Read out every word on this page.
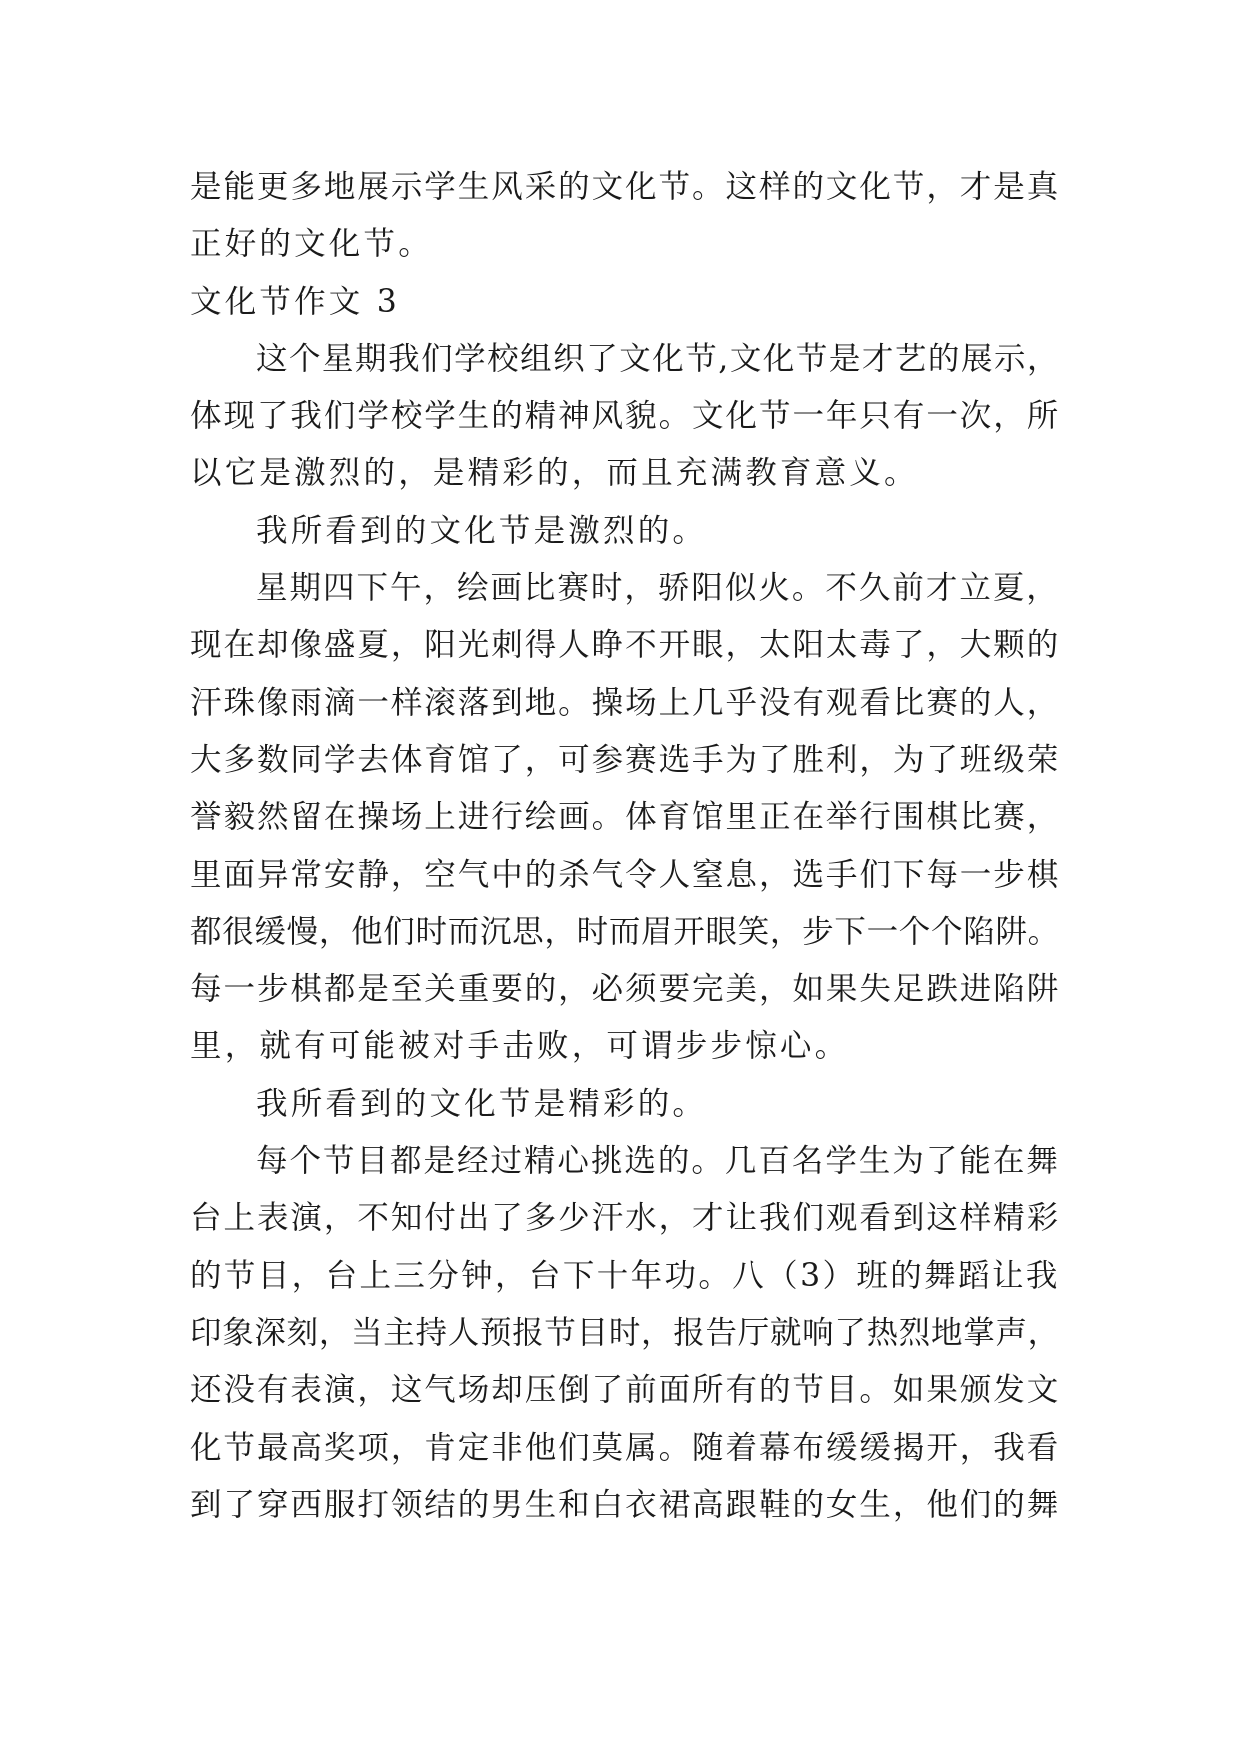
是能更多地展示学生风采的文化节。这样的文化节，才是真
正好的文化节。
文化节作文 3
这个星期我们学校组织了文化节,文化节是才艺的展示，
体现了我们学校学生的精神风貌。文化节一年只有一次，所
以它是激烈的，是精彩的，而且充满教育意义。
我所看到的文化节是激烈的。
星期四下午，绘画比赛时，骄阳似火。不久前才立夏，
现在却像盛夏，阳光刺得人睁不开眼，太阳太毒了，大颗的
汗珠像雨滴一样滚落到地。操场上几乎没有观看比赛的人，
大多数同学去体育馆了，可参赛选手为了胜利，为了班级荣
誉毅然留在操场上进行绘画。体育馆里正在举行围棋比赛，
里面异常安静，空气中的杀气令人窒息，选手们下每一步棋
都很缓慢，他们时而沉思，时而眉开眼笑，步下一个个陷阱。
每一步棋都是至关重要的，必须要完美，如果失足跌进陷阱
里，就有可能被对手击败，可谓步步惊心。
我所看到的文化节是精彩的。
每个节目都是经过精心挑选的。几百名学生为了能在舞
台上表演，不知付出了多少汗水，才让我们观看到这样精彩
的节目，台上三分钟，台下十年功。八（3）班的舞蹈让我
印象深刻，当主持人预报节目时，报告厅就响了热烈地掌声，
还没有表演，这气场却压倒了前面所有的节目。如果颁发文
化节最高奖项，肯定非他们莫属。随着幕布缓缓揭开，我看
到了穿西服打领结的男生和白衣裙高跟鞋的女生，他们的舞
